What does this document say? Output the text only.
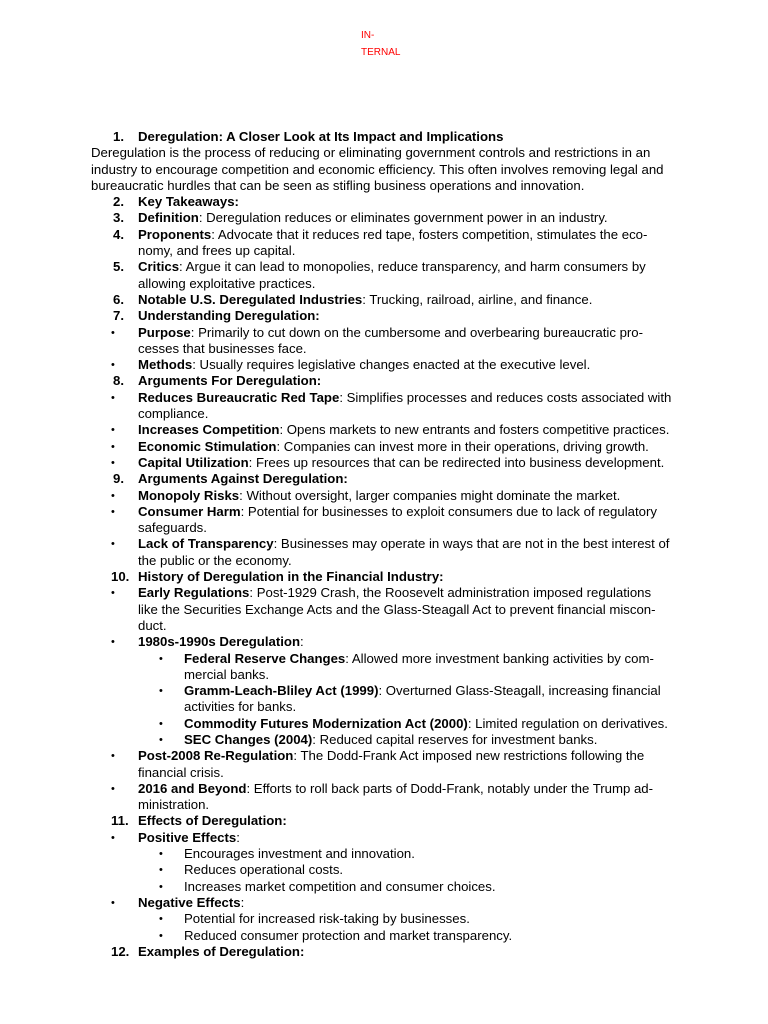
IN-
TERNAL
1. Deregulation: A Closer Look at Its Impact and Implications
Deregulation is the process of reducing or eliminating government controls and restrictions in an
industry to encourage competition and economic efficiency. This often involves removing legal and
bureaucratic hurdles that can be seen as stifling business operations and innovation.
2. Key Takeaways:
3. Definition: Deregulation reduces or eliminates government power in an industry.
4. Proponents: Advocate that it reduces red tape, fosters competition, stimulates the eco-
nomy, and frees up capital.
5. Critics: Argue it can lead to monopolies, reduce transparency, and harm consumers by
allowing exploitative practices.
6. Notable U.S. Deregulated Industries: Trucking, railroad, airline, and finance.
7. Understanding Deregulation:
• Purpose: Primarily to cut down on the cumbersome and overbearing bureaucratic pro-
cesses that businesses face.
• Methods: Usually requires legislative changes enacted at the executive level.
8. Arguments For Deregulation:
• Reduces Bureaucratic Red Tape: Simplifies processes and reduces costs associated with
compliance.
• Increases Competition: Opens markets to new entrants and fosters competitive practices.
• Economic Stimulation: Companies can invest more in their operations, driving growth.
• Capital Utilization: Frees up resources that can be redirected into business development.
9. Arguments Against Deregulation:
• Monopoly Risks: Without oversight, larger companies might dominate the market.
• Consumer Harm: Potential for businesses to exploit consumers due to lack of regulatory
safeguards.
• Lack of Transparency: Businesses may operate in ways that are not in the best interest of
the public or the economy.
10. History of Deregulation in the Financial Industry:
• Early Regulations: Post-1929 Crash, the Roosevelt administration imposed regulations
like the Securities Exchange Acts and the Glass-Steagall Act to prevent financial miscon-
duct.
• 1980s-1990s Deregulation:
• Federal Reserve Changes: Allowed more investment banking activities by com-
mercial banks.
• Gramm-Leach-Bliley Act (1999): Overturned Glass-Steagall, increasing financial
activities for banks.
• Commodity Futures Modernization Act (2000): Limited regulation on derivatives.
• SEC Changes (2004): Reduced capital reserves for investment banks.
• Post-2008 Re-Regulation: The Dodd-Frank Act imposed new restrictions following the
financial crisis.
• 2016 and Beyond: Efforts to roll back parts of Dodd-Frank, notably under the Trump ad-
ministration.
11. Effects of Deregulation:
• Positive Effects:
• Encourages investment and innovation.
• Reduces operational costs.
• Increases market competition and consumer choices.
• Negative Effects:
• Potential for increased risk-taking by businesses.
• Reduced consumer protection and market transparency.
12. Examples of Deregulation:
